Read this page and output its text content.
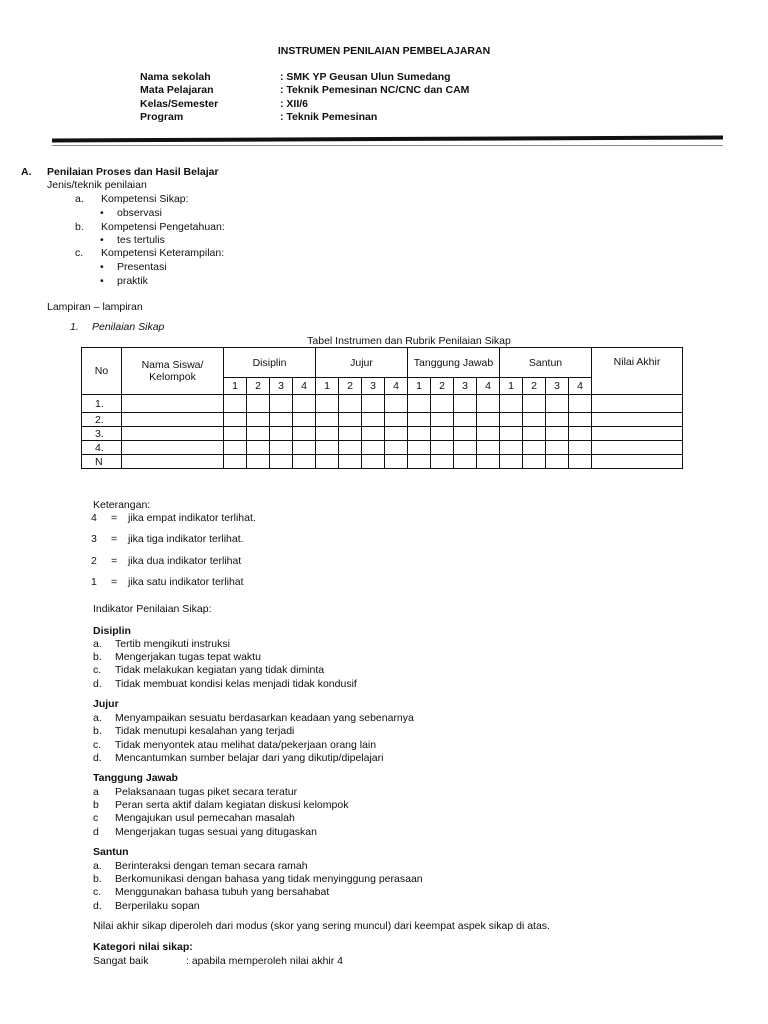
INSTRUMEN PENILAIAN PEMBELAJARAN
Nama sekolah	: SMK YP Geusan Ulun Sumedang
Mata Pelajaran	: Teknik Pemesinan NC/CNC dan CAM
Kelas/Semester	: XII/6
Program	: Teknik Pemesinan
A. Penilaian Proses dan Hasil Belajar
Jenis/teknik penilaian
a. Kompetensi Sikap:
• observasi
b. Kompetensi Pengetahuan:
• tes tertulis
c. Kompetensi Keterampilan:
• Presentasi
• praktik
Lampiran – lampiran
1. Penilaian Sikap
Tabel Instrumen dan Rubrik Penilaian Sikap
No	Nama Siswa/ Kelompok	Disiplin				Jujur				Tanggung Jawab				Santun				Nilai Akhir
		1	2	3	4	1	2	3	4	1	2	3	4	1	2	3	4	
1.																		
2.																		
3.																		
4.																		
N																		
Keterangan:
4 = jika empat indikator terlihat.
3 = jika tiga indikator terlihat.
2 = jika dua indikator terlihat
1 = jika satu indikator terlihat
Indikator Penilaian Sikap:
Disiplin
a. Tertib mengikuti instruksi
b. Mengerjakan tugas tepat waktu
c. Tidak melakukan kegiatan yang tidak diminta
d. Tidak membuat kondisi kelas menjadi tidak kondusif
Jujur
a. Menyampaikan sesuatu berdasarkan keadaan yang sebenarnya
b. Tidak menutupi kesalahan yang terjadi
c. Tidak menyontek atau melihat data/pekerjaan orang lain
d. Mencantumkan sumber belajar dari yang dikutip/dipelajari
Tanggung Jawab
a Pelaksanaan tugas piket secara teratur
b Peran serta aktif dalam kegiatan diskusi kelompok
c Mengajukan usul pemecahan masalah
d Mengerjakan tugas sesuai yang ditugaskan
Santun
a. Berinteraksi dengan teman secara ramah
b. Berkomunikasi dengan bahasa yang tidak menyinggung perasaan
c. Menggunakan bahasa tubuh yang bersahabat
d. Berperilaku sopan
Nilai akhir sikap diperoleh dari modus (skor yang sering muncul) dari keempat aspek sikap di atas.
Kategori nilai sikap:
Sangat baik	: apabila memperoleh nilai akhir 4
